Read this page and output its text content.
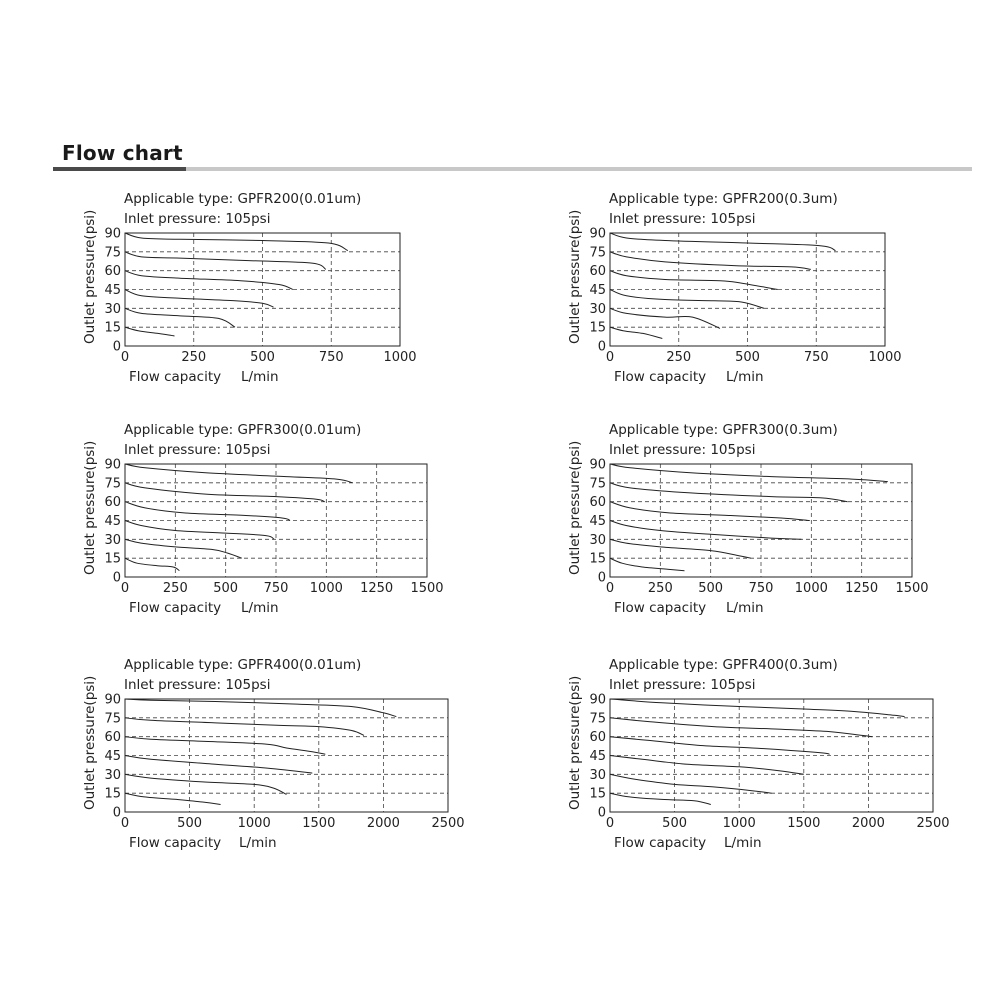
Flow chart
Applicable type: GPFR200(0.01um)
Inlet pressure: 105psi
Outlet pressure(psi)
Flow capacity L/min
0
15
30
45
60
75
90
0	250	500	750	1000
Applicable type: GPFR200(0.3um)
Inlet pressure: 105psi
Outlet pressure(psi)
Flow capacity L/min
0
15
30
45
60
75
90
0	250	500	750	1000
Applicable type: GPFR300(0.01um)
Inlet pressure: 105psi
Outlet pressure(psi)
Flow capacity L/min
0
15
30
45
60
75
90
0	250 500 750 1000 1250 1500
Applicable type: GPFR300(0.3um)
Inlet pressure: 105psi
Outlet pressure(psi)
Flow capacity L/min
0
15
30
45
60
75
90
0	250 500 750 1000 1250 1500
Applicable type: GPFR400(0.01um)
Inlet pressure: 105psi
Outlet pressure(psi)
Flow capacity L/min
0
15
30
45
60
75
90
0	500	1000 1500 2000 2500
Applicable type: GPFR400(0.3um)
Inlet pressure: 105psi
Outlet pressure(psi)
Flow capacity L/min
0
15
30
45
60
75
90
0	500	1000 1500 2000 2500
